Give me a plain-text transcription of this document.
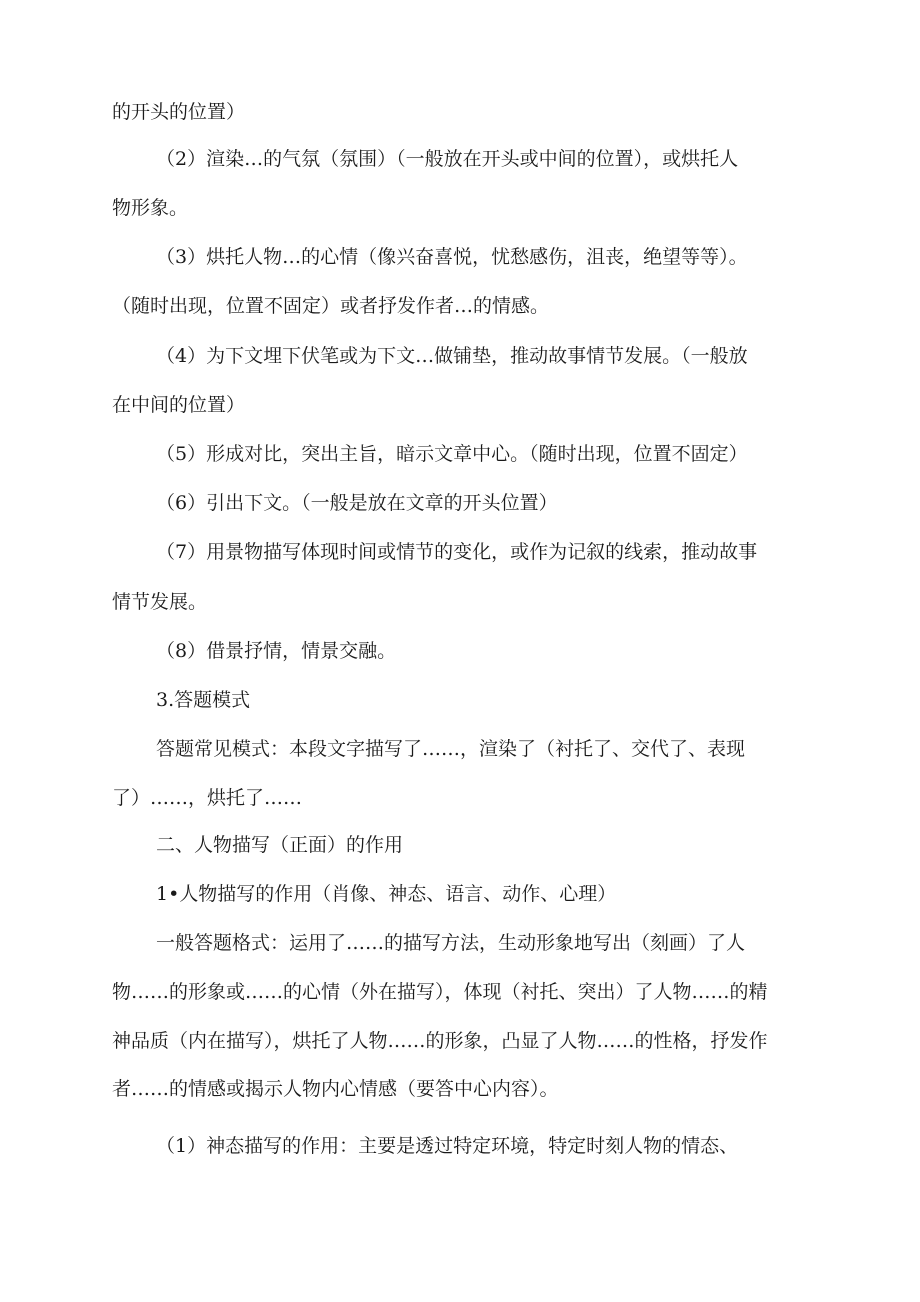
的开头的位置）
（2）渲染…的气氛（氛围）（一般放在开头或中间的位置），或烘托人
物形象。
（3）烘托人物…的心情（像兴奋喜悦，忧愁感伤，沮丧，绝望等等）。
（随时出现，位置不固定）或者抒发作者…的情感。
（4）为下文埋下伏笔或为下文…做铺垫，推动故事情节发展。（一般放
在中间的位置）
（5）形成对比，突出主旨，暗示文章中心。（随时出现，位置不固定）
（6）引出下文。（一般是放在文章的开头位置）
（7）用景物描写体现时间或情节的变化，或作为记叙的线索，推动故事
情节发展。
（8）借景抒情，情景交融。
3.答题模式
答题常见模式：本段文字描写了……，渲染了（衬托了、交代了、表现
了）……，烘托了……
二、人物描写（正面）的作用
1•人物描写的作用（肖像、神态、语言、动作、心理）
一般答题格式：运用了……的描写方法，生动形象地写出（刻画）了人
物……的形象或……的心情（外在描写），体现（衬托、突出）了人物……的精
神品质（内在描写），烘托了人物……的形象，凸显了人物……的性格，抒发作
者……的情感或揭示人物内心情感（要答中心内容）。
（1）神态描写的作用：主要是透过特定环境，特定时刻人物的情态、
